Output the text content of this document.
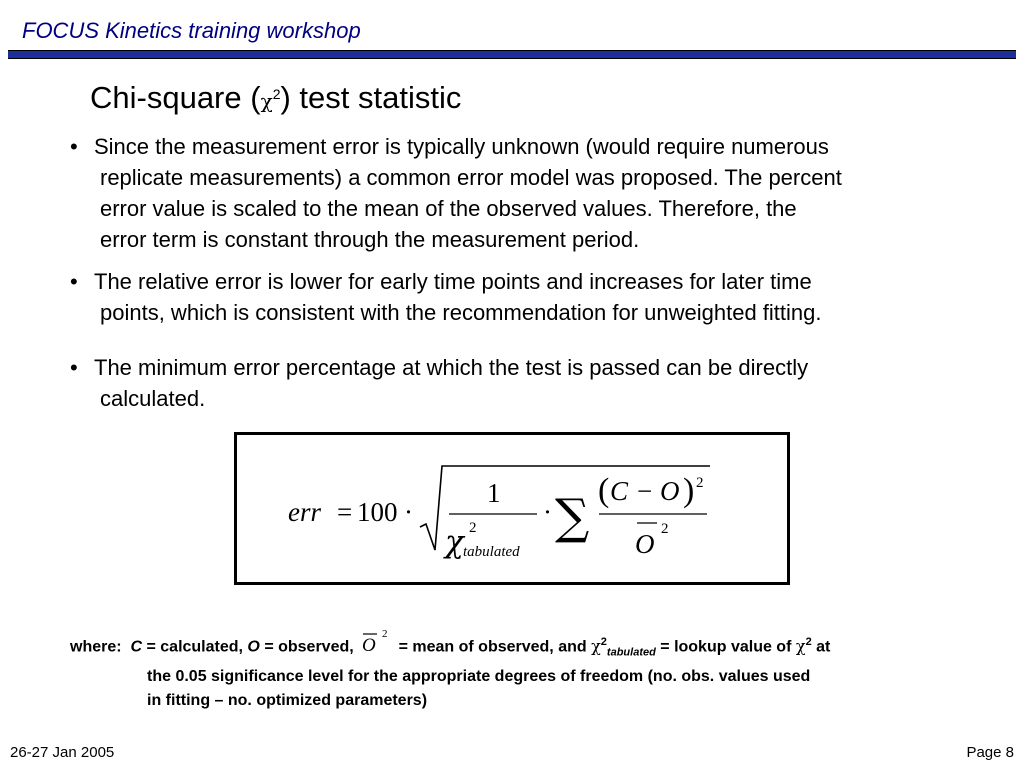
FOCUS Kinetics training workshop
Chi-square $(\chi^2)$ test statistic
• Since the measurement error is typically unknown (would require numerous
replicate measurements) a common error model was proposed. The percent
error value is scaled to the mean of the observed values. Therefore, the
error term is constant through the measurement period.
• The relative error is lower for early time points and increases for later time
points, which is consistent with the recommendation for unweighted fitting.
• The minimum error percentage at which the test is passed can be directly
calculated.
err = 100 ·
1
χ 2
tabulated
· ∑ ( C − O ) 2
O 2
where: C = calculated, O = observed, O
2
= mean of observed, and $\chi^2_{tabulated}$ = lookup value of $\chi^2$ at
the 0.05 significance level for the appropriate degrees of freedom (no. obs. values used
in fitting – no. optimized parameters)
26-27 Jan 2005	Page 8
